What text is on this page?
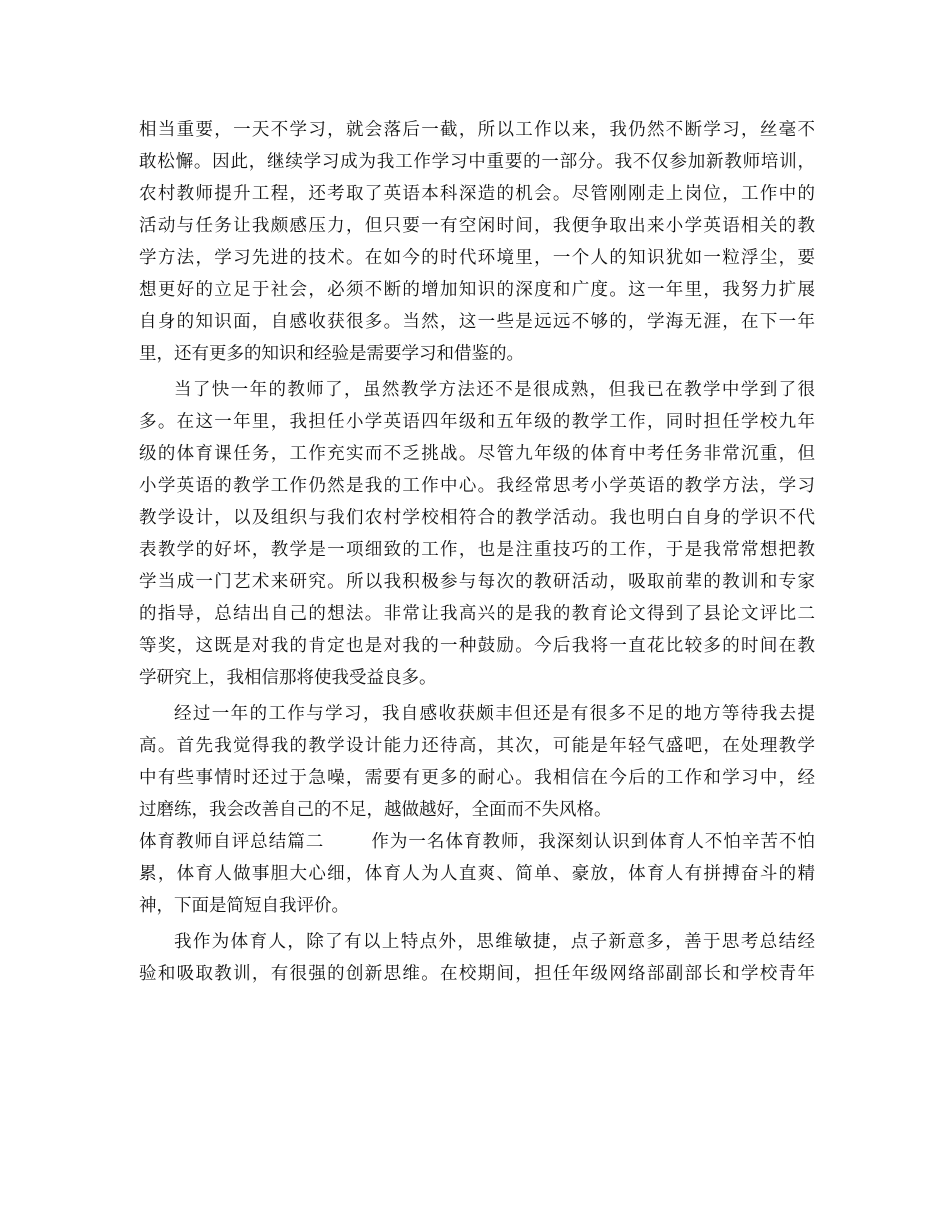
相当重要，一天不学习，就会落后一截，所以工作以来，我仍然不断学习，丝毫不
敢松懈。因此，继续学习成为我工作学习中重要的一部分。我不仅参加新教师培训，
农村教师提升工程，还考取了英语本科深造的机会。尽管刚刚走上岗位，工作中的
活动与任务让我颇感压力，但只要一有空闲时间，我便争取出来小学英语相关的教
学方法，学习先进的技术。在如今的时代环境里，一个人的知识犹如一粒浮尘，要
想更好的立足于社会，必须不断的增加知识的深度和广度。这一年里，我努力扩展
自身的知识面，自感收获很多。当然，这一些是远远不够的，学海无涯，在下一年
里，还有更多的知识和经验是需要学习和借鉴的。
当了快一年的教师了，虽然教学方法还不是很成熟，但我已在教学中学到了很
多。在这一年里，我担任小学英语四年级和五年级的教学工作，同时担任学校九年
级的体育课任务，工作充实而不乏挑战。尽管九年级的体育中考任务非常沉重，但
小学英语的教学工作仍然是我的工作中心。我经常思考小学英语的教学方法，学习
教学设计，以及组织与我们农村学校相符合的教学活动。我也明白自身的学识不代
表教学的好坏，教学是一项细致的工作，也是注重技巧的工作，于是我常常想把教
学当成一门艺术来研究。所以我积极参与每次的教研活动，吸取前辈的教训和专家
的指导，总结出自己的想法。非常让我高兴的是我的教育论文得到了县论文评比二
等奖，这既是对我的肯定也是对我的一种鼓励。今后我将一直花比较多的时间在教
学研究上，我相信那将使我受益良多。
经过一年的工作与学习，我自感收获颇丰但还是有很多不足的地方等待我去提
高。首先我觉得我的教学设计能力还待高，其次，可能是年轻气盛吧，在处理教学
中有些事情时还过于急噪，需要有更多的耐心。我相信在今后的工作和学习中，经
过磨练，我会改善自己的不足，越做越好，全面而不失风格。
体育教师自评总结篇二	作为一名体育教师，我深刻认识到体育人不怕辛苦不怕
累，体育人做事胆大心细，体育人为人直爽、简单、豪放，体育人有拼搏奋斗的精
神，下面是简短自我评价。
我作为体育人，除了有以上特点外，思维敏捷，点子新意多，善于思考总结经
验和吸取教训，有很强的创新思维。在校期间，担任年级网络部副部长和学校青年
